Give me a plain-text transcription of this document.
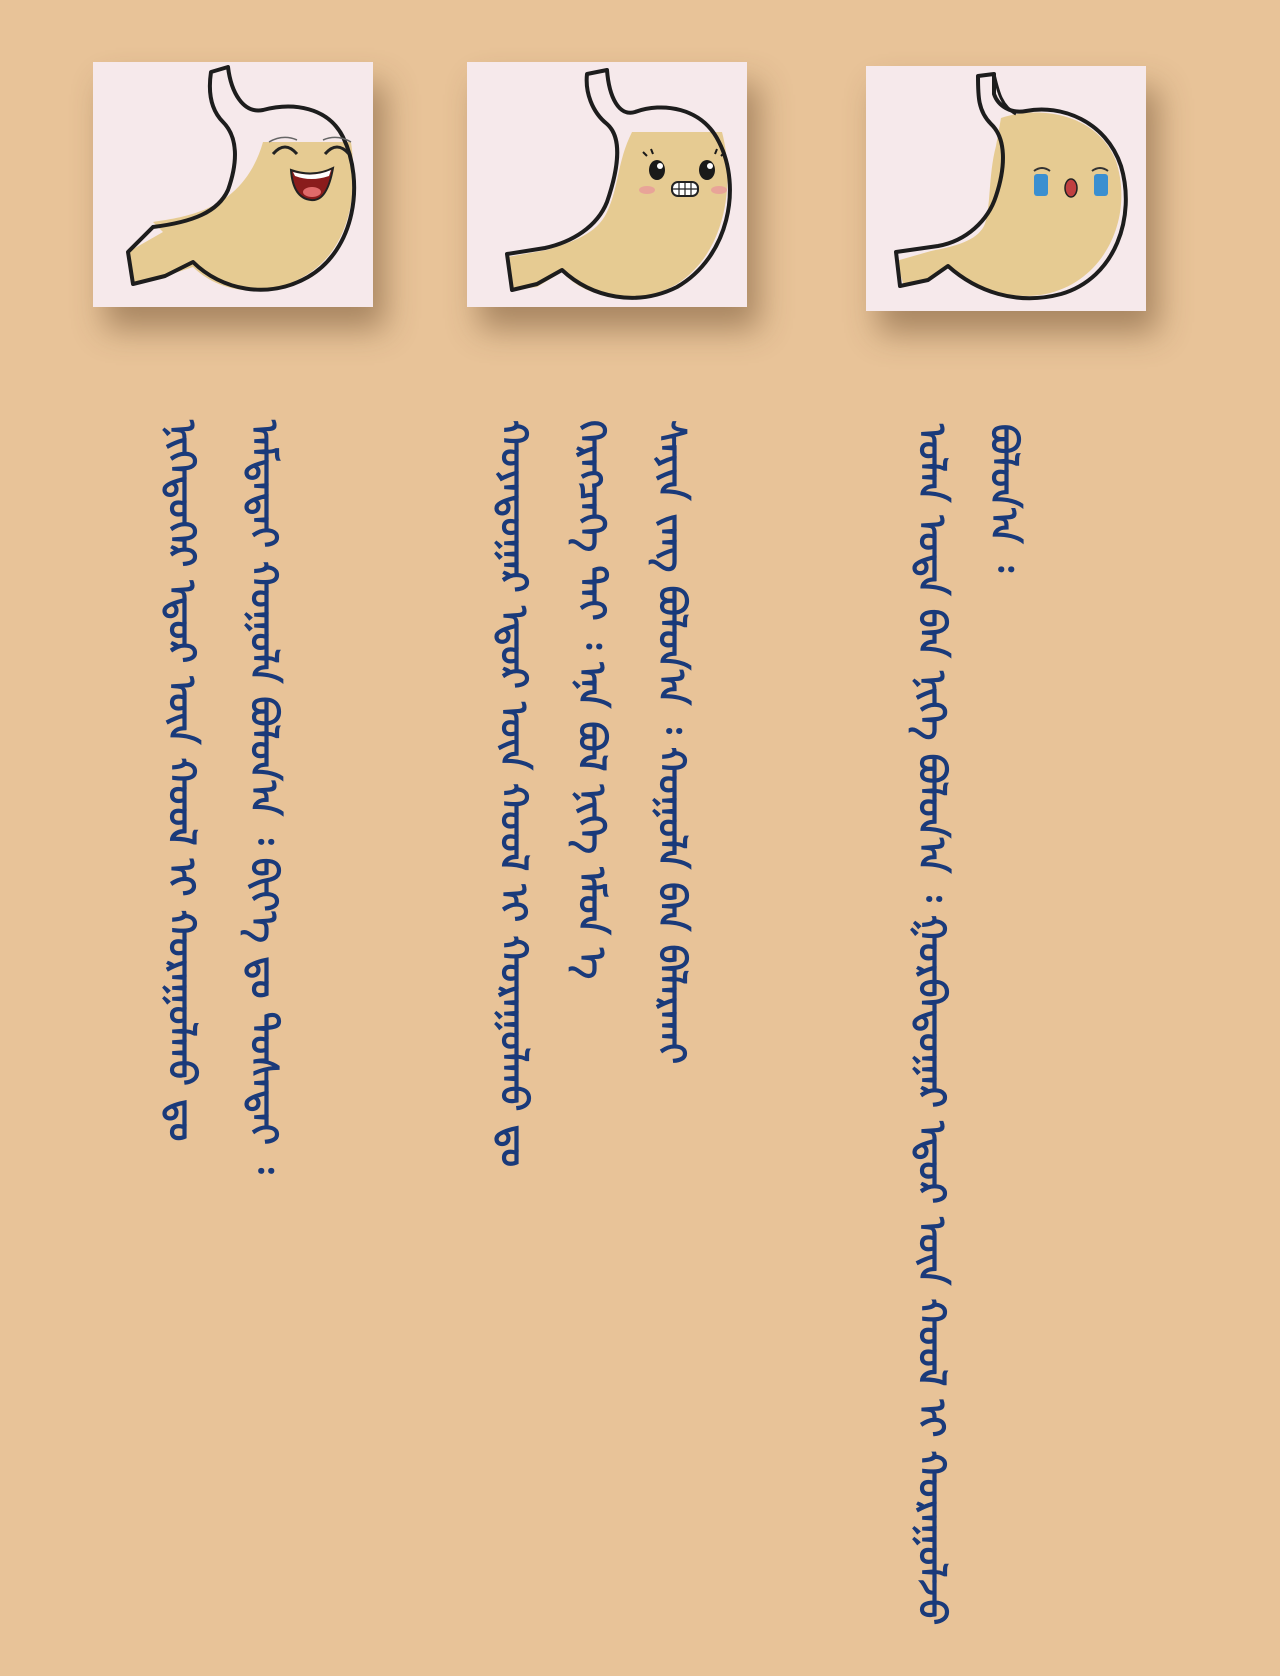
ᠣᠯᠠᠨ ᠤᠳᠠ ᠪᠠᠨ ᠨᠢᠭᠡ ᠪᠤᠯᠤᠨ᠎ᠠ ᠄ ᠭᠤᠷᠪᠠᠳᠤᠭᠠᠷ ᠡᠳᠦᠷ ᠦᠨ ᠬᠣᠣᠯ ᠢ ᠬᠣᠷᠠᠭᠤᠯᠵᠤ ᠪᠣᠯᠤᠨ᠎ᠠ ᠄
ᠬᠣᠶᠠᠳᠤᠭᠠᠷ ᠡᠳᠦᠷ ᠦᠨ ᠬᠣᠣᠯ ᠢ ᠬᠣᠷᠠᠭᠤᠯᠬᠤ ᠳᠤ ᠬᠡᠷᠡᠭᠴᠡᠭᠡ ᠲᠠᠢ ᠄ ᠡᠨᠡ ᠪᠣᠯ ᠨᠢᠭᠡ ᠡᠮᠦᠨ ᠡ ᠰᠠᠶᠢᠨ ᠵᠠᠩ ᠪᠣᠯᠤᠨ᠎ᠠ ᠄ ᠬᠣᠭᠤᠯᠠ ᠪᠡᠨ ᠪᠠᠯᠠᠷᠬᠠᠢ
ᠨᠢᠭᠡᠳᠦᠭᠡᠷ ᠡᠳᠦᠷ ᠦᠨ ᠬᠣᠣᠯ ᠢ ᠬᠣᠷᠠᠭᠤᠯᠬᠤ ᠳᠤ ᠠᠮᠲᠠᠲᠠᠢ ᠬᠣᠭᠤᠯᠠ ᠪᠣᠯᠤᠨ᠎ᠠ ᠄ ᠪᠢᠶ᠎ᠡ ᠳᠤ ᠲᠤᠰᠠᠲᠠᠢ ᠄
